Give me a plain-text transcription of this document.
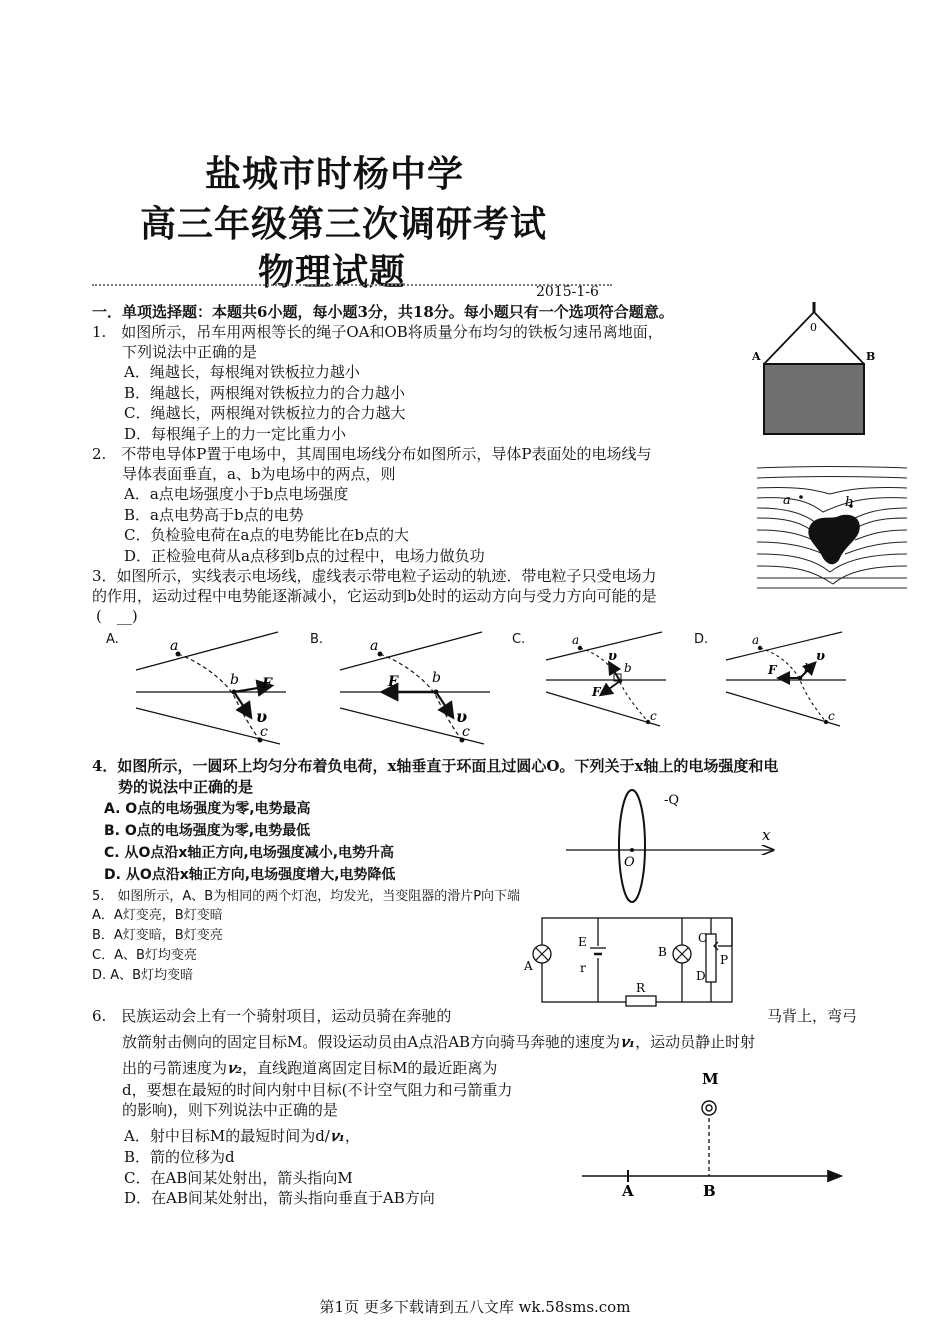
盐城市时杨中学
高三年级第三次调研考试
物理试题	2015-1-6
一．单项选择题：本题共6小题，每小题3分，共18分。每小题只有一个选项符合题意。
1.　如图所示，吊车用两根等长的绳子OA和OB将质量分布均匀的铁板匀速吊离地面，
下列说法中正确的是
A．绳越长，每根绳对铁板拉力越小
B．绳越长，两根绳对铁板拉力的合力越小
C．绳越长，两根绳对铁板拉力的合力越大
D．每根绳子上的力一定比重力小
0
A	B
2.　不带电导体P置于电场中，其周围电场线分布如图所示，导体P表面处的电场线与
导体表面垂直，a、b为电场中的两点，则
A．a点电场强度小于b点电场强度
B．a点电势高于b点的电势
C．负检验电荷在a点的电势能比在b点的大
D．正检验电荷从a点移到b点的过程中，电场力做负功
a	b
3．如图所示，实线表示电场线，虚线表示带电粒子运动的轨迹．带电粒子只受电场力
的作用，运动过程中电势能逐渐减小，它运动到b处时的运动方向与受力方向可能的是
(　__)
A.	a
b
c
F
υ
B.	a
b
c
F
υ
C.	a
b
c
F
υ
D.	a
b
c
F
υ
4．如图所示，一圆环上均匀分布着负电荷，x轴垂直于环面且过圆心O。下列关于x轴上的电场强度和电
势的说法中正确的是
A. O点的电场强度为零,电势最高
B. O点的电场强度为零,电势最低
C. 从O点沿x轴正方向,电场强度减小,电势升高
D. 从O点沿x轴正方向,电场强度增大,电势降低
-Q
x
O
5.　如图所示，A、B为相同的两个灯泡，均发光，当变阻器的滑片P向下端
A．A灯变亮，B灯变暗
B．A灯变暗，B灯变亮
C．A、B灯均变亮
D. A、B灯均变暗
A
E
r
B
C
P
D
R
6.　民族运动会上有一个骑射项目，运动员骑在奔驰的	马背上，弯弓
放箭射击侧向的固定目标M。假设运动员由A点沿AB方向骑马奔驰的速度为𝑣₁，运动员静止时射
出的弓箭速度为𝑣₂，直线跑道离固定目标M的最近距离为
d，要想在最短的时间内射中目标(不计空气阻力和弓箭重力
的影响)，则下列说法中正确的是
A．射中目标M的最短时间为d/𝑣₁，
B．箭的位移为d
C．在AB间某处射出，箭头指向M
D．在AB间某处射出，箭头指向垂直于AB方向
M
A	B
第1页 更多下载请到五八文库 wk.58sms.com
